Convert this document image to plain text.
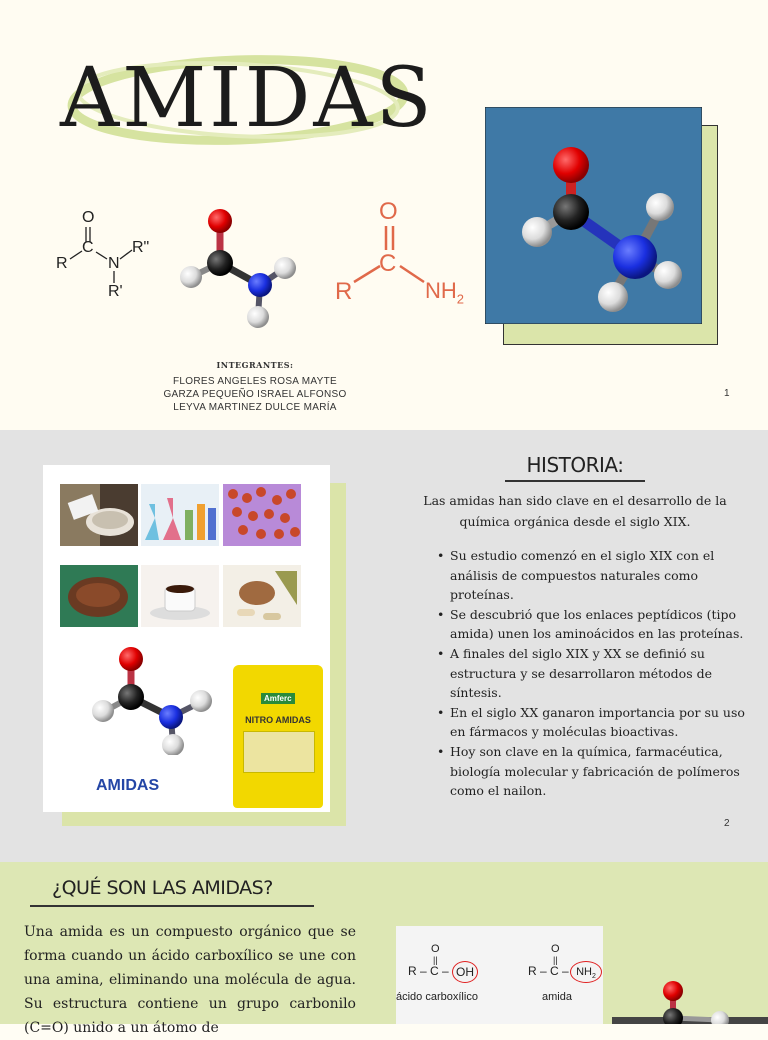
AMIDAS
O
C
R	N
R"
R'
O
C
R	$NH_2$
INTEGRANTES:
FLORES ANGELES ROSA MAYTE
GARZA PEQUEÑO ISRAEL ALFONSO
LEYVA MARTINEZ DULCE MARÍA
1
AMIDAS
Amferc
NITRO AMIDAS
HISTORIA:

Las amidas han sido clave en el desarrollo de la química orgánica desde el siglo XIX.

• Su estudio comenzó en el siglo XIX con el análisis de compuestos naturales como proteínas.
• Se descubrió que los enlaces peptídicos (tipo amida) unen los aminoácidos en las proteínas.
• A finales del siglo XIX y XX se definió su estructura y se desarrollaron métodos de síntesis.
• En el siglo XX ganaron importancia por su uso en fármacos y moléculas bioactivas.
• Hoy son clave en la química, farmacéutica, biología molecular y fabricación de polímeros como el nailon.
2
¿QUÉ SON LAS AMIDAS?

Una amida es un compuesto orgánico que se forma cuando un ácido carboxílico se une con una amina, eliminando una molécula de agua. Su estructura contiene un grupo carbonilo (C=O) unido a un átomo de

O
||
R – C – OH
ácido carboxílico
O
||
R – C – $NH_2$
amida
